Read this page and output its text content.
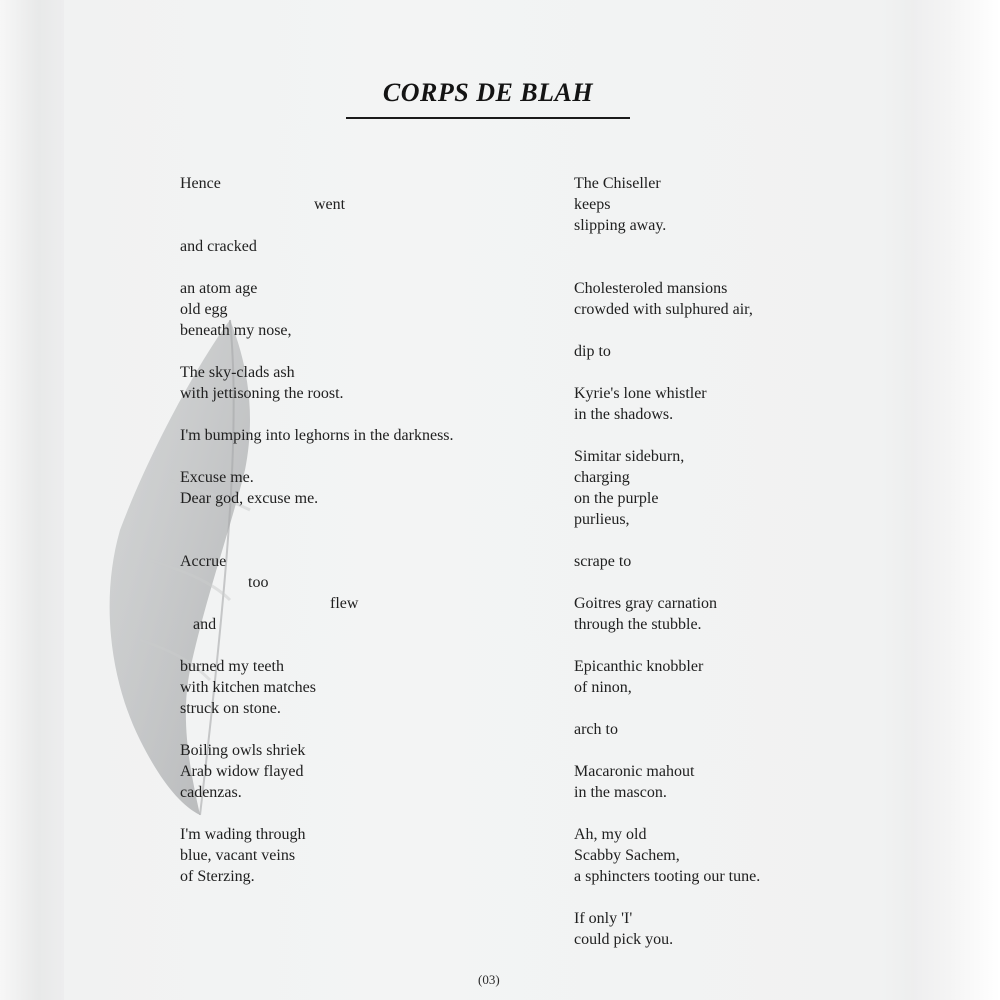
CORPS DE BLAH

Hence

went

and cracked

an atom age

old egg

beneath my nose,

The sky-clads ash

with jettisoning the roost.

I'm bumping into leghorns in the darkness.

Excuse me.

Dear god, excuse me.

Accrue

too

flew

and

burned my teeth

with kitchen matches

struck on stone.

Boiling owls shriek

Arab widow flayed

cadenzas.

I'm wading through

blue, vacant veins

of Sterzing.

The Chiseller

keeps

slipping away.

Cholesteroled mansions

crowded with sulphured air,

dip to

Kyrie's lone whistler

in the shadows.

Simitar sideburn,

charging

on the purple

purlieus,

scrape to

Goitres gray carnation

through the stubble.

Epicanthic knobbler

of ninon,

arch to

Macaronic mahout

in the mascon.

Ah, my old

Scabby Sachem,

a sphincters tooting our tune.

If only 'I'

could pick you.

(03)
